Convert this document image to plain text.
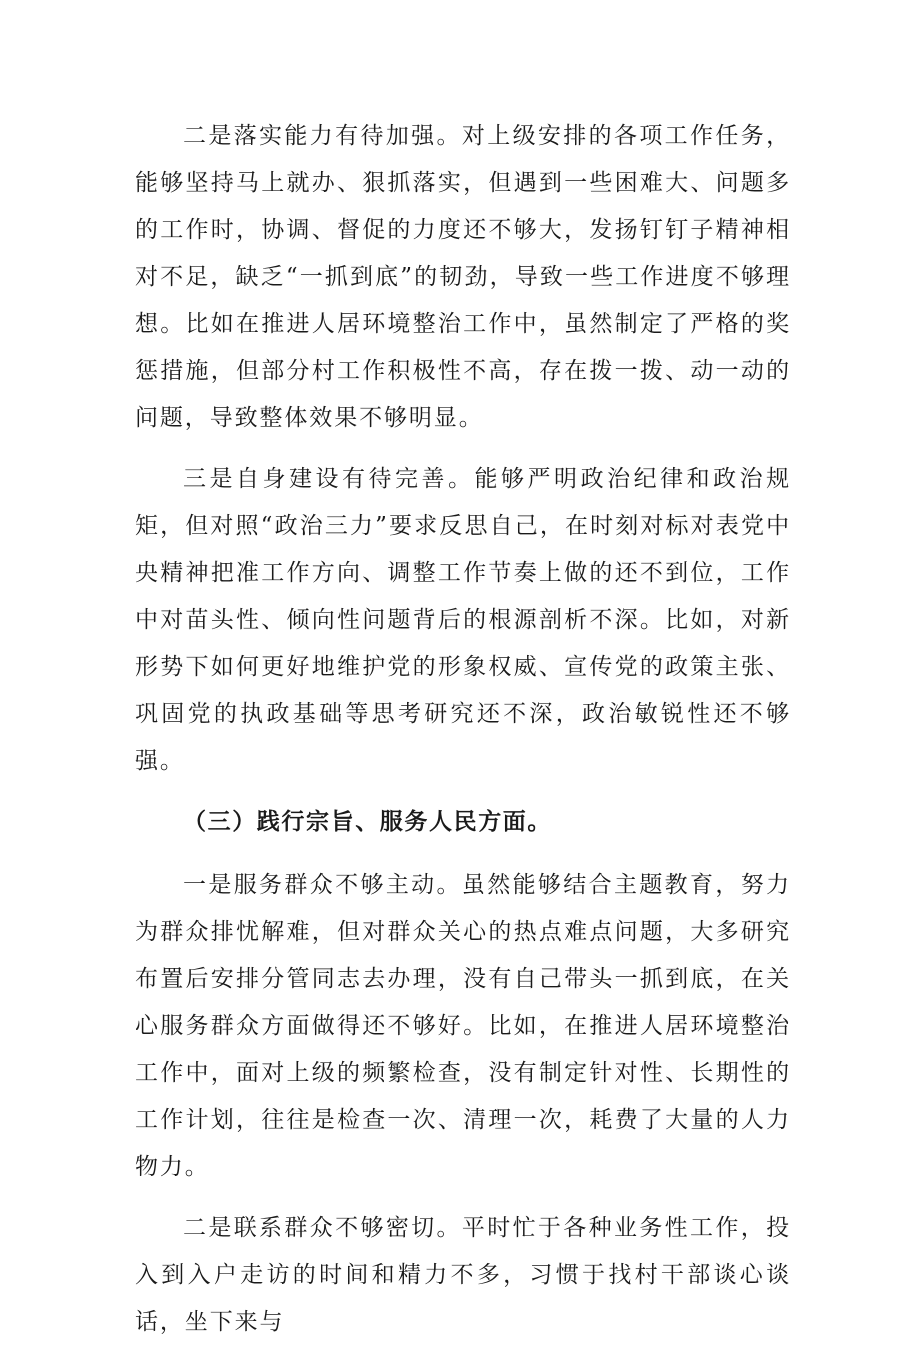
二是落实能力有待加强。对上级安排的各项工作任务，能够坚持马上就办、狠抓落实，但遇到一些困难大、问题多的工作时，协调、督促的力度还不够大，发扬钉钉子精神相对不足，缺乏“一抓到底”的韧劲，导致一些工作进度不够理想。比如在推进人居环境整治工作中，虽然制定了严格的奖惩措施，但部分村工作积极性不高，存在拨一拨、动一动的问题，导致整体效果不够明显。

三是自身建设有待完善。能够严明政治纪律和政治规矩，但对照“政治三力”要求反思自己，在时刻对标对表党中央精神把准工作方向、调整工作节奏上做的还不到位，工作中对苗头性、倾向性问题背后的根源剖析不深。比如，对新形势下如何更好地维护党的形象权威、宣传党的政策主张、巩固党的执政基础等思考研究还不深，政治敏锐性还不够强。

（三）践行宗旨、服务人民方面。

一是服务群众不够主动。虽然能够结合主题教育，努力为群众排忧解难，但对群众关心的热点难点问题，大多研究布置后安排分管同志去办理，没有自己带头一抓到底，在关心服务群众方面做得还不够好。比如，在推进人居环境整治工作中，面对上级的频繁检查，没有制定针对性、长期性的工作计划，往往是检查一次、清理一次，耗费了大量的人力物力。

二是联系群众不够密切。平时忙于各种业务性工作，投入到入户走访的时间和精力不多，习惯于找村干部谈心谈话，坐下来与
